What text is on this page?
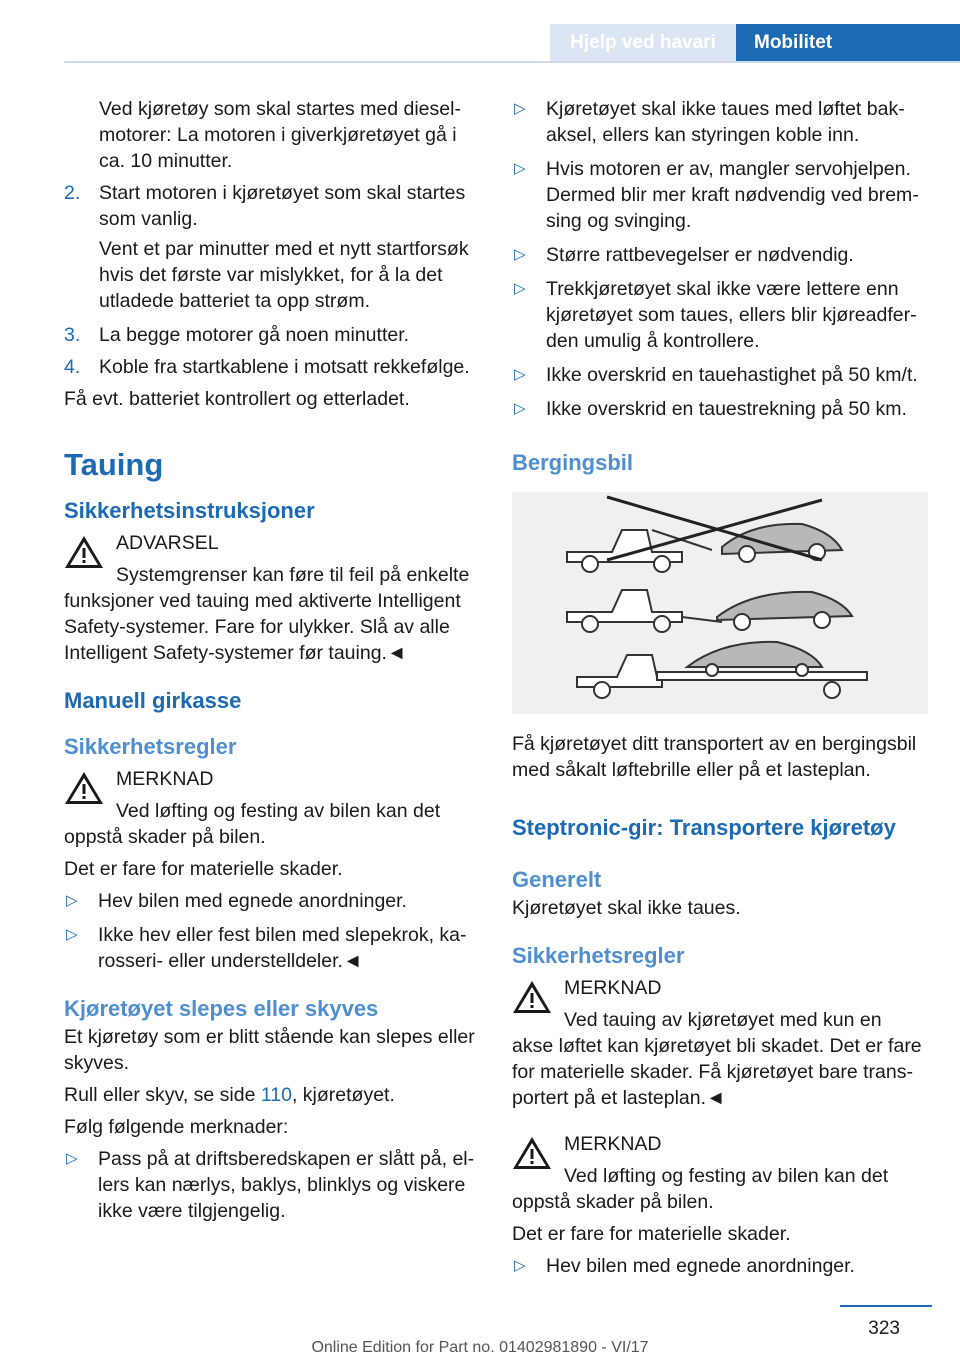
Hjelp ved havari	Mobilitet

Ved kjøretøy som skal startes med dieselmotorer: La motoren i giverkjøretøyet gå i ca. 10 minutter.

2. Start motoren i kjøretøyet som skal startes som vanlig.

Vent et par minutter med et nytt startforsøk hvis det første var mislykket, for å la det utladede batteriet ta opp strøm.

3. La begge motorer gå noen minutter.
4. Koble fra startkablene i motsatt rekkefølge.

Få evt. batteriet kontrollert og etterladet.

Tauing
Sikkerhetsinstruksjoner

ADVARSEL

Systemgrenser kan føre til feil på enkelte funksjoner ved tauing med aktiverte Intelligent Safety-systemer. Fare for ulykker. Slå av alle Intelligent Safety-systemer før tauing.◄

Manuell girkasse
Sikkerhetsregler

MERKNAD

Ved løfting og festing av bilen kan det oppstå skader på bilen.

Det er fare for materielle skader.

▷	Hev bilen med egnede anordninger.
▷	Ikke hev eller fest bilen med slepekrok, karosseri- eller understelldeler.◄
Kjøretøyet slepes eller skyves

Et kjøretøy som er blitt stående kan slepes eller skyves.

Rull eller skyv, se side 110, kjøretøyet.

Følg følgende merknader:

▷	Pass på at driftsberedskapen er slått på, ellers kan nærlys, baklys, blinklys og viskere ikke være tilgjengelig.
▷	Kjøretøyet skal ikke taues med løftet bakaksel, ellers kan styringen koble inn.
▷	Hvis motoren er av, mangler servohjelpen. Dermed blir mer kraft nødvendig ved bremsing og svinging.
▷	Større rattbevegelser er nødvendig.
▷	Trekkjøretøyet skal ikke være lettere enn kjøretøyet som taues, ellers blir kjøreadferden umulig å kontrollere.
▷	Ikke overskrid en tauehastighet på 50 km/t.
▷	Ikke overskrid en tauestrekning på 50 km.
Bergingsbil

Få kjøretøyet ditt transportert av en bergingsbil med såkalt løftebrille eller på et lasteplan.

Steptronic-gir: Transportere kjøretøy
Generelt

Kjøretøyet skal ikke taues.

Sikkerhetsregler

MERKNAD

Ved tauing av kjøretøyet med kun en akse løftet kan kjøretøyet bli skadet. Det er fare for materielle skader. Få kjøretøyet bare transportert på et lasteplan.◄

MERKNAD

Ved løfting og festing av bilen kan det oppstå skader på bilen.

Det er fare for materielle skader.

▷	Hev bilen med egnede anordninger.
323
Online Edition for Part no. 01402981890 - VI/17
